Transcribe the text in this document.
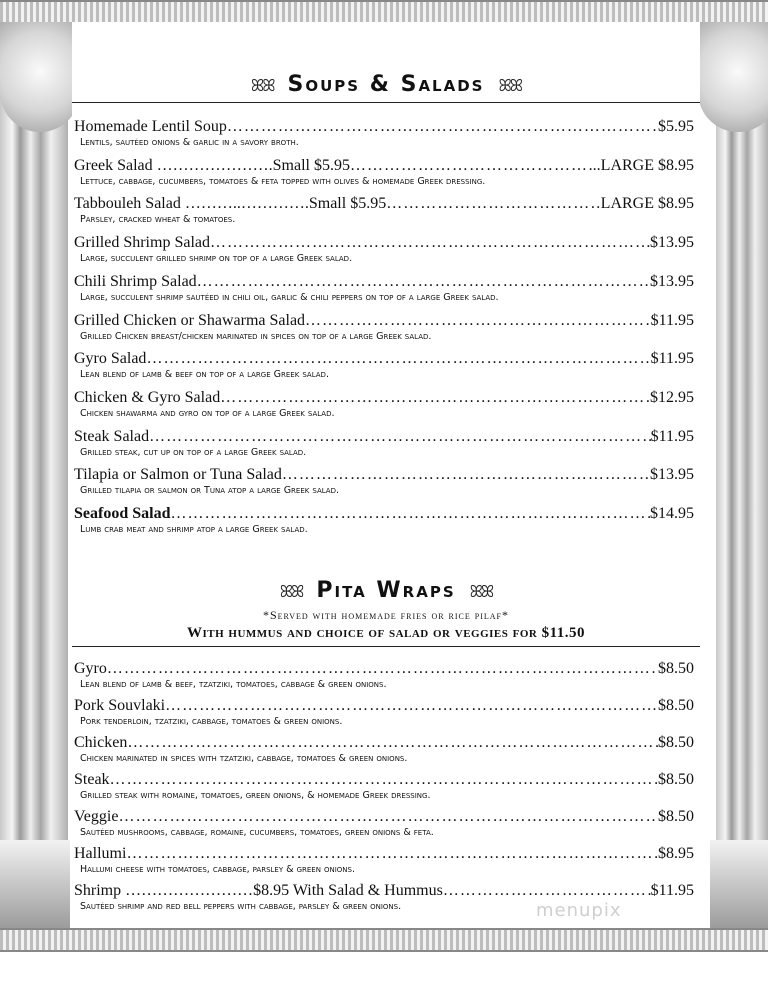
ꕤꕤ Soups & Salads ꕤꕤ
Homemade Lentil Soup …………………………………………………………………………………………………………………………………	$5.95
Lentils, sautéed onions & garlic in a savory broth.
Greek Salad ………………….Small $5.95 …………………………………………………………………………………………………………………………………	..LARGE $8.95
Lettuce, cabbage, cucumbers, tomatoes & feta topped with olives & homemade Greek dressing.
Tabbouleh Salad ………..………….Small $5.95 …………………………………………………………………………………………………………………………………	LARGE $8.95
Parsley, cracked wheat & tomatoes.
Grilled Shrimp Salad …………………………………………………………………………………………………………………………………	$13.95
Large, succulent grilled shrimp on top of a large Greek salad.
Chili Shrimp Salad …………………………………………………………………………………………………………………………………	$13.95
Large, succulent shrimp sautéed in chili oil, garlic & chili peppers on top of a large Greek salad.
Grilled Chicken or Shawarma Salad …………………………………………………………………………………………………………………………………	$11.95
Grilled Chicken breast/chicken marinated in spices on top of a large Greek salad.
Gyro Salad …………………………………………………………………………………………………………………………………	$11.95
Lean blend of lamb & beef on top of a large Greek salad.
Chicken & Gyro Salad …………………………………………………………………………………………………………………………………	$12.95
Chicken shawarma and gyro on top of a large Greek salad.
Steak Salad …………………………………………………………………………………………………………………………………	$11.95
Grilled steak, cut up on top of a large Greek salad.
Tilapia or Salmon or Tuna Salad …………………………………………………………………………………………………………………………………	$13.95
Grilled tilapia or salmon or Tuna atop a large Greek salad.
Seafood Salad …………………………………………………………………………………………………………………………………	$14.95
Lumb crab meat and shrimp atop a large Greek salad.
ꕤꕤ Pita Wraps ꕤꕤ
*Served with homemade fries or rice pilaf*
With hummus and choice of salad or veggies for $11.50
Gyro …………………………………………………………………………………………………………………………………	$8.50
Lean blend of lamb & beef, tzatziki, tomatoes, cabbage & green onions.
Pork Souvlaki …………………………………………………………………………………………………………………………………	$8.50
Pork tenderloin, tzatziki, cabbage, tomatoes & green onions.
Chicken …………………………………………………………………………………………………………………………………	$8.50
Chicken marinated in spices with tzatziki, cabbage, tomatoes & green onions.
Steak …………………………………………………………………………………………………………………………………	$8.50
Grilled steak with romaine, tomatoes, green onions, & homemade Greek dressing.
Veggie …………………………………………………………………………………………………………………………………	$8.50
Sautéed mushrooms, cabbage, romaine, cucumbers, tomatoes, green onions & feta.
Hallumi …………………………………………………………………………………………………………………………………	$8.95
Hallumi cheese with tomatoes, cabbage, parsley & green onions.
Shrimp ……………………$8.95 With Salad & Hummus …………………………………………………………………………………………………………………………………	$11.95
Sautéed shrimp and red bell peppers with cabbage, parsley & green onions.	menupix
